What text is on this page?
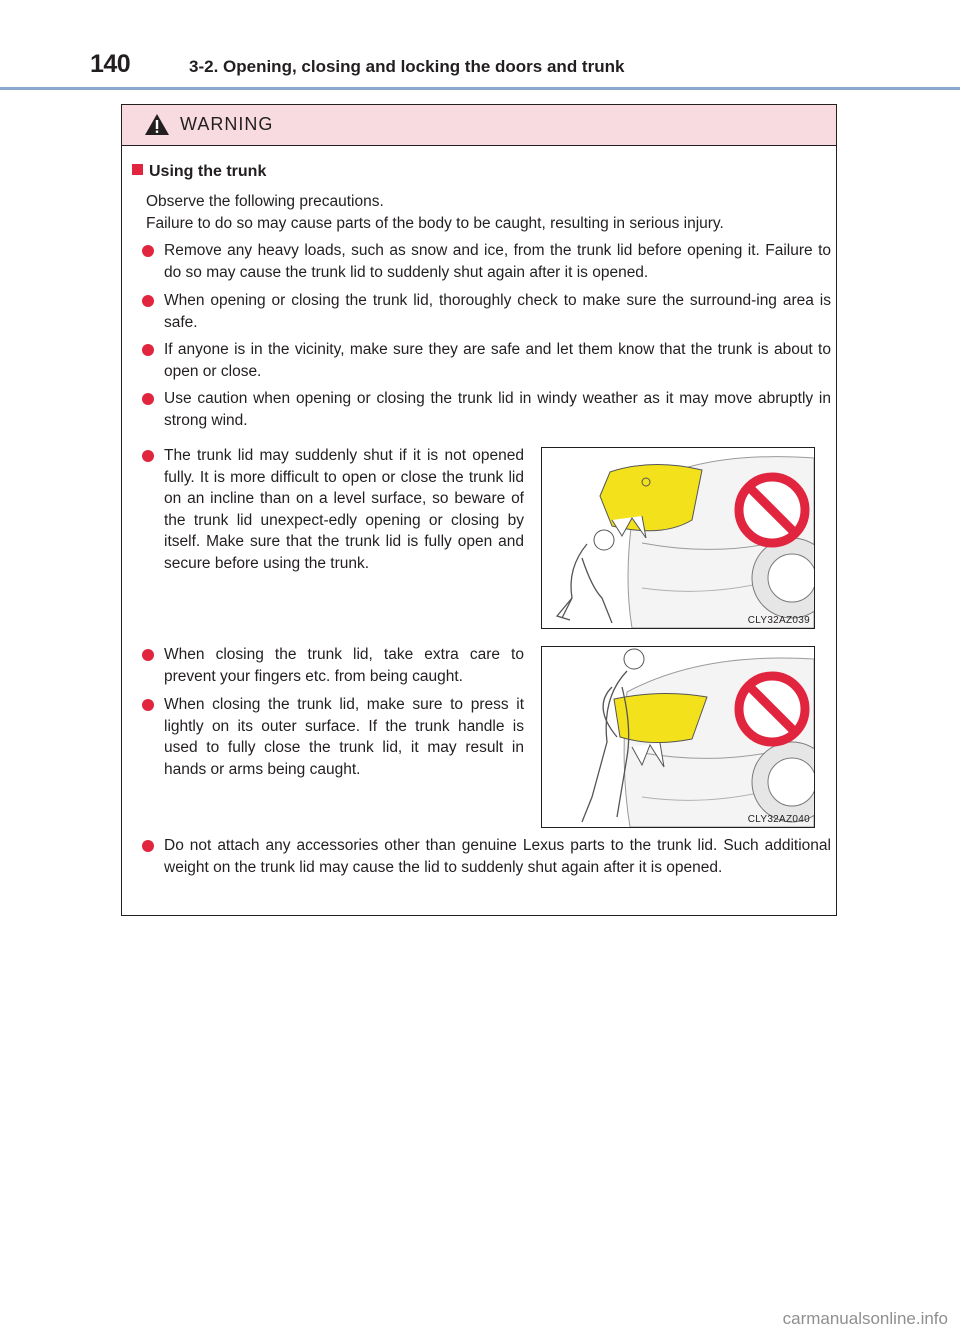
140	3-2. Opening, closing and locking the doors and trunk
WARNING
Using the trunk
Observe the following precautions.
Failure to do so may cause parts of the body to be caught, resulting in serious injury.
Remove any heavy loads, such as snow and ice, from the trunk lid before opening it. Failure to do so may cause the trunk lid to suddenly shut again after it is opened.
When opening or closing the trunk lid, thoroughly check to make sure the surround-ing area is safe.
If anyone is in the vicinity, make sure they are safe and let them know that the trunk is about to open or close.
Use caution when opening or closing the trunk lid in windy weather as it may move abruptly in strong wind.
The trunk lid may suddenly shut if it is not opened fully. It is more difficult to open or close the trunk lid on an incline than on a level surface, so beware of the trunk lid unexpect-edly opening or closing by itself. Make sure that the trunk lid is fully open and secure before using the trunk.
CLY32AZ039
When closing the trunk lid, take extra care to prevent your fingers etc. from being caught.
When closing the trunk lid, make sure to press it lightly on its outer surface. If the trunk handle is used to fully close the trunk lid, it may result in hands or arms being caught.
CLY32AZ040
Do not attach any accessories other than genuine Lexus parts to the trunk lid. Such additional weight on the trunk lid may cause the lid to suddenly shut again after it is opened.
carmanualsonline.info
